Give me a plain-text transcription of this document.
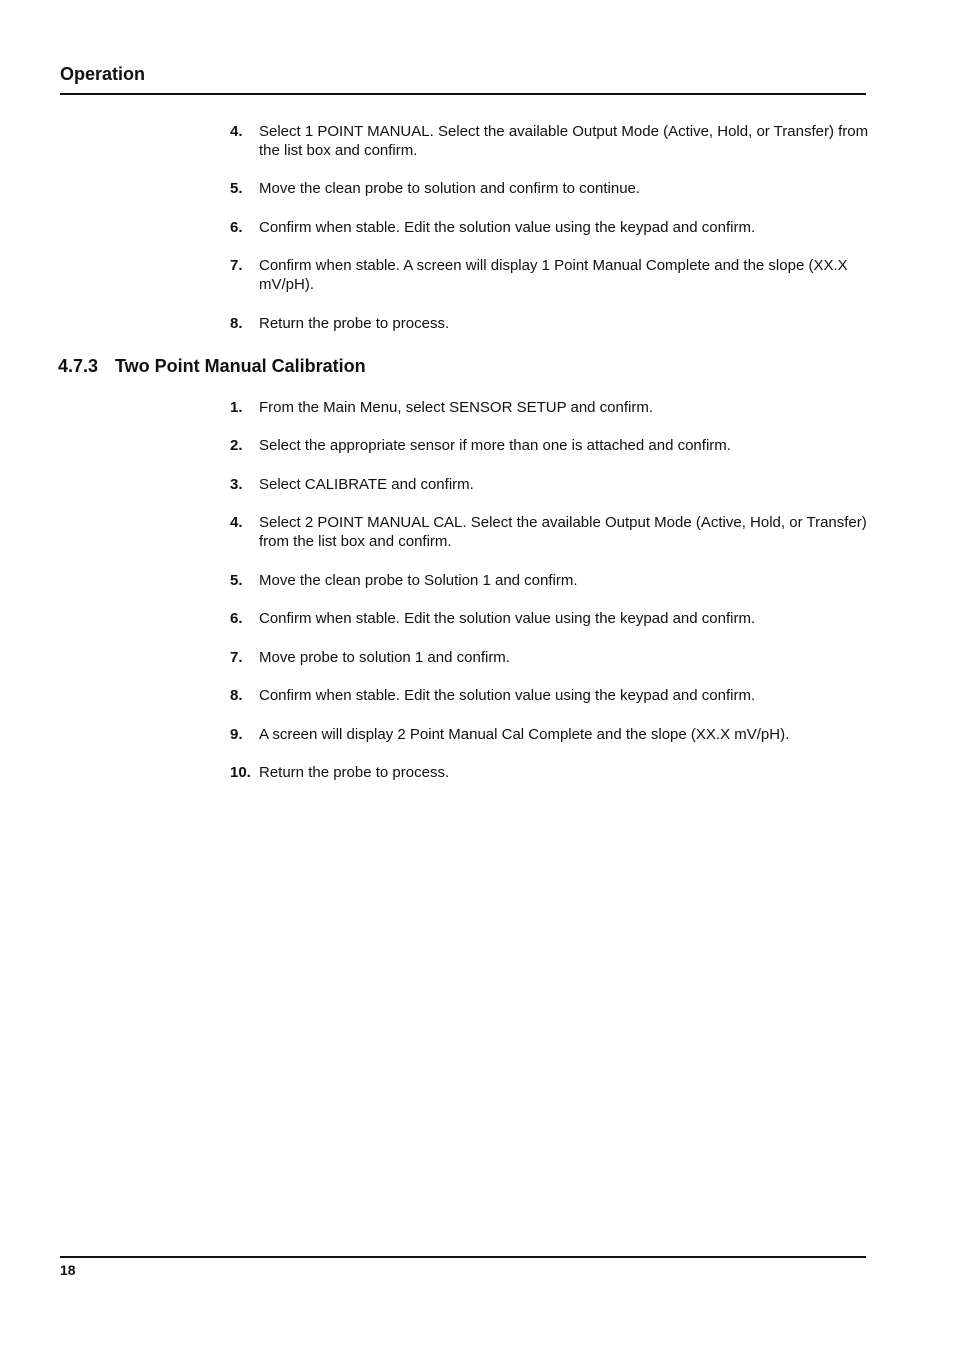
Operation
4. Select 1 POINT MANUAL. Select the available Output Mode (Active, Hold, or Transfer) from the list box and confirm.
5. Move the clean probe to solution and confirm to continue.
6. Confirm when stable. Edit the solution value using the keypad and confirm.
7. Confirm when stable. A screen will display 1 Point Manual Complete and the slope (XX.X mV/pH).
8. Return the probe to process.
4.7.3 Two Point Manual Calibration
1. From the Main Menu, select SENSOR SETUP and confirm.
2. Select the appropriate sensor if more than one is attached and confirm.
3. Select CALIBRATE and confirm.
4. Select 2 POINT MANUAL CAL. Select the available Output Mode (Active, Hold, or Transfer) from the list box and confirm.
5. Move the clean probe to Solution 1 and confirm.
6. Confirm when stable. Edit the solution value using the keypad and confirm.
7. Move probe to solution 1 and confirm.
8. Confirm when stable. Edit the solution value using the keypad and confirm.
9. A screen will display 2 Point Manual Cal Complete and the slope (XX.X mV/pH).
10. Return the probe to process.
18
